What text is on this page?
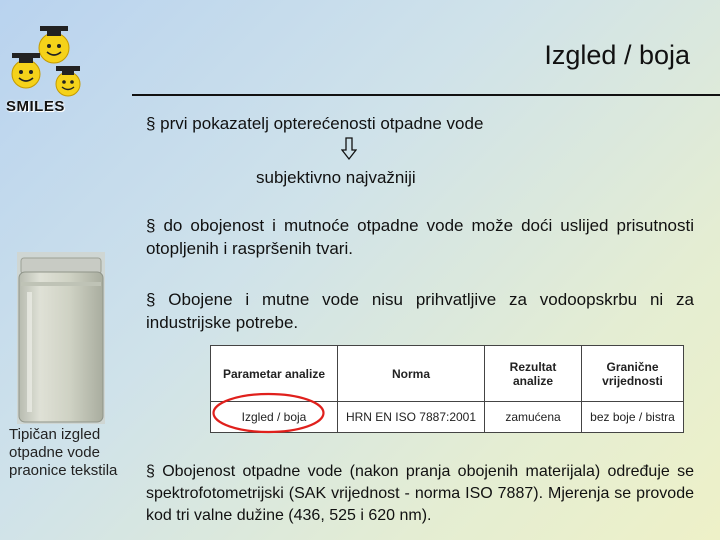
SMILES
Izgled / boja
§ prvi pokazatelj opterećenosti otpadne vode
subjektivno najvažniji
§ do obojenost i mutnoće otpadne vode može doći uslijed prisutnosti otopljenih i raspršenih tvari.
§ Obojene i mutne vode nisu prihvatljive za vodoopskrbu ni za industrijske potrebe.
§ Obojenost otpadne vode (nakon pranja obojenih materijala) određuje se spektrofotometrijski (SAK vrijednost - norma ISO 7887). Mjerenja se provode kod tri valne dužine (436, 525 i 620 nm).
Tipičan izgled otpadne vode praonice tekstila
Parametar analize	Norma	Rezultat analize	Granične vrijednosti
Izgled / boja	HRN EN ISO 7887:2001	zamućena	bez boje / bistra
